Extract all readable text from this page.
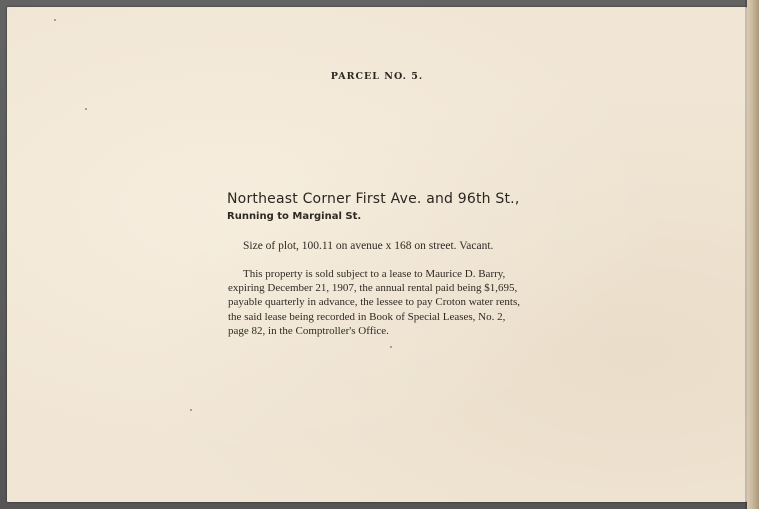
PARCEL NO. 5.
Northeast Corner First Ave. and 96th St.,
Running to Marginal St.
Size of plot, 100.11 on avenue x 168 on street. Vacant.
This property is sold subject to a lease to Maurice D. Barry,
expiring December 21, 1907, the annual rental paid being $1,695,
payable quarterly in advance, the lessee to pay Croton water rents,
the said lease being recorded in Book of Special Leases, No. 2,
page 82, in the Comptroller's Office.
